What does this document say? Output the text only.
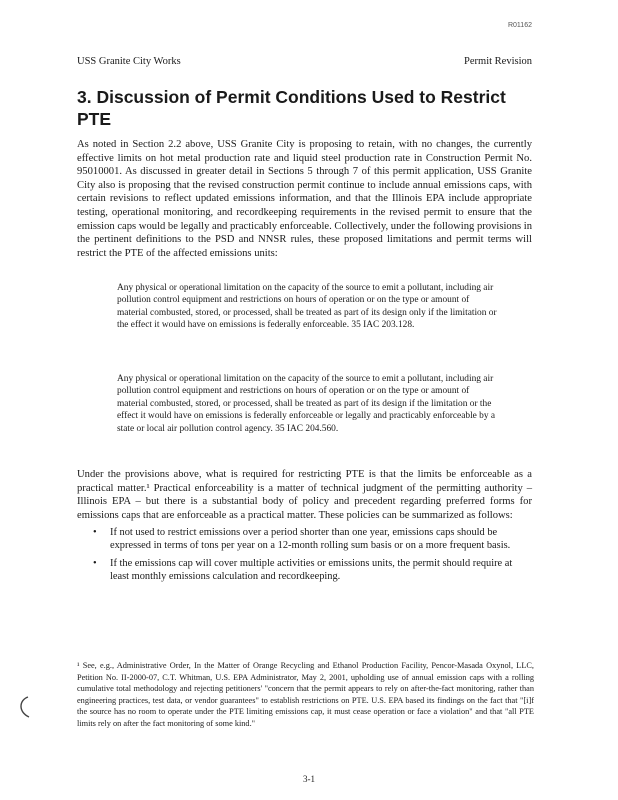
R01162
USS Granite City Works	Permit Revision
3. Discussion of Permit Conditions Used to Restrict PTE

As noted in Section 2.2 above, USS Granite City is proposing to retain, with no changes, the currently effective limits on hot metal production rate and liquid steel production rate in Construction Permit No. 95010001. As discussed in greater detail in Sections 5 through 7 of this permit application, USS Granite City also is proposing that the revised construction permit continue to include annual emissions caps, with certain revisions to reflect updated emissions information, and that the Illinois EPA include appropriate testing, operational monitoring, and recordkeeping requirements in the revised permit to ensure that the emission caps would be legally and practicably enforceable. Collectively, under the following provisions in the pertinent definitions to the PSD and NNSR rules, these proposed limitations and permit terms will restrict the PTE of the affected emissions units:

Any physical or operational limitation on the capacity of the source to emit a pollutant, including air pollution control equipment and restrictions on hours of operation or on the type or amount of material combusted, stored, or processed, shall be treated as part of its design only if the limitation or the effect it would have on emissions is federally enforceable. 35 IAC 203.128.

Any physical or operational limitation on the capacity of the source to emit a pollutant, including air pollution control equipment and restrictions on hours of operation or on the type or amount of material combusted, stored, or processed, shall be treated as part of its design if the limitation or the effect it would have on emissions is federally enforceable or legally and practicably enforceable by a state or local air pollution control agency. 35 IAC 204.560.

Under the provisions above, what is required for restricting PTE is that the limits be enforceable as a practical matter.¹ Practical enforceability is a matter of technical judgment of the permitting authority – Illinois EPA – but there is a substantial body of policy and precedent regarding preferred forms for emissions caps that are enforceable as a practical matter. These policies can be summarized as follows:

• If not used to restrict emissions over a period shorter than one year, emissions caps should be expressed in terms of tons per year on a 12-month rolling sum basis or on a more frequent basis.
• If the emissions cap will cover multiple activities or emissions units, the permit should require at least monthly emissions calculation and recordkeeping.

¹ See, e.g., Administrative Order, In the Matter of Orange Recycling and Ethanol Production Facility, Pencor-Masada Oxynol, LLC, Petition No. II-2000-07, C.T. Whitman, U.S. EPA Administrator, May 2, 2001, upholding use of annual emission caps with a rolling cumulative total methodology and rejecting petitioners' "concern that the permit appears to rely on after-the-fact monitoring, rather than engineering practices, test data, or vendor guarantees" to establish restrictions on PTE. U.S. EPA based its findings on the fact that "[i]f the source has no room to operate under the PTE limiting emissions cap, it must cease operation or face a violation" and that "all PTE limits rely on after the fact monitoring of some kind."

3-1
